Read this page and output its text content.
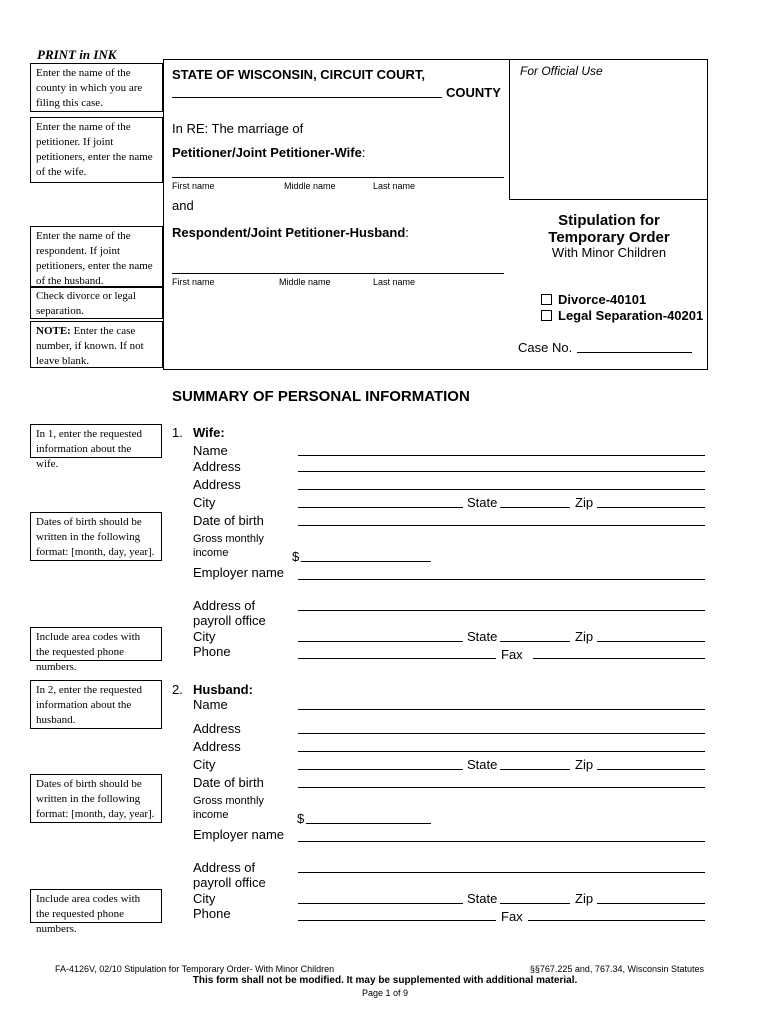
PRINT in INK
STATE OF WISCONSIN, CIRCUIT COURT,
COUNTY
For Official Use
Enter the name of the county in which you are filing this case.
Enter the name of the petitioner. If joint petitioners, enter the name of the wife.
Enter the name of the respondent. If joint petitioners, enter the name of the husband.
Check divorce or legal separation.
NOTE: Enter the case number, if known. If not leave blank.
In RE: The marriage of
Petitioner/Joint Petitioner-Wife:
First name	Middle name	Last name
and
Respondent/Joint Petitioner-Husband:
First name	Middle name	Last name
Stipulation for
Temporary Order
With Minor Children
Divorce-40101
Legal Separation-40201
Case No.
SUMMARY OF PERSONAL INFORMATION
In 1, enter the requested information about the wife.
Dates of birth should be written in the following format: [month, day, year].
Include area codes with the requested phone numbers.
1. Wife:
Name
Address
Address
City	State	Zip
Date of birth
Gross monthly
income	$
Employer name
Address of
payroll office
City	State	Zip
Phone	Fax
In 2, enter the requested information about the husband.
Dates of birth should be written in the following format: [month, day, year].
Include area codes with the requested phone numbers.
2. Husband:
Name
Address
Address
City	State	Zip
Date of birth
Gross monthly
income	$
Employer name
Address of
payroll office
City	State	Zip
Phone	Fax
FA-4126V, 02/10 Stipulation for Temporary Order- With Minor Children	§§767.225 and, 767.34, Wisconsin Statutes
This form shall not be modified. It may be supplemented with additional material.
Page 1 of 9
